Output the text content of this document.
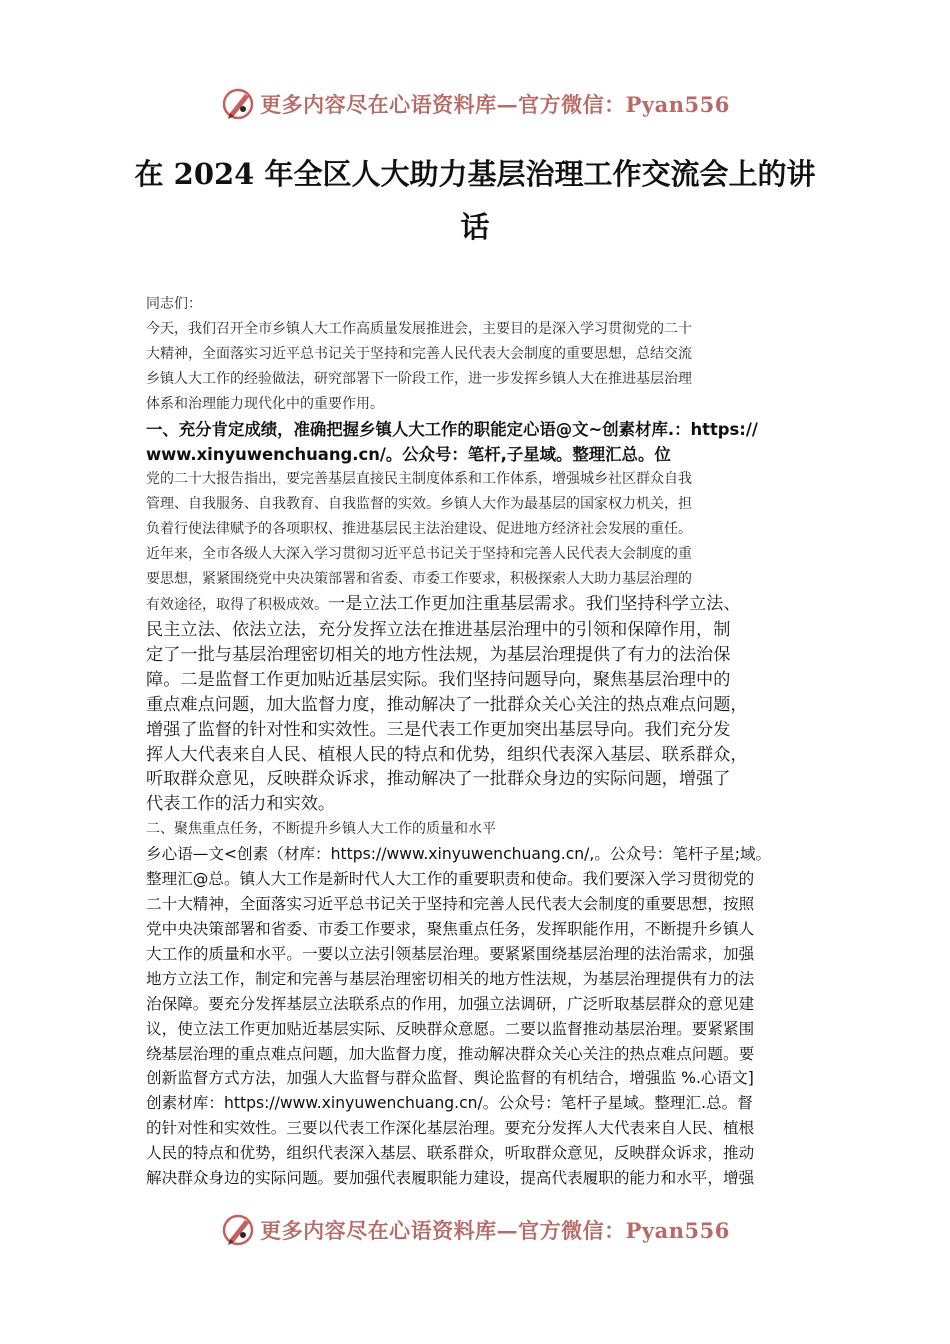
更多内容尽在心语资料库—官方微信：Pyan556
在 2024 年全区人大助力基层治理工作交流会上的讲
话

同志们：

今天，我们召开全市乡镇人大工作高质量发展推进会，主要目的是深入学习贯彻党的二十
大精神，全面落实习近平总书记关于坚持和完善人民代表大会制度的重要思想，总结交流
乡镇人大工作的经验做法，研究部署下一阶段工作，进一步发挥乡镇人大在推进基层治理
体系和治理能力现代化中的重要作用。

一、充分肯定成绩，准确把握乡镇人大工作的职能定心语@文~创素材库.：https://
www.xinyuwenchuang.cn/。公众号：笔杆,子星域。整理汇总。位

党的二十大报告指出，要完善基层直接民主制度体系和工作体系，增强城乡社区群众自我
管理、自我服务、自我教育、自我监督的实效。乡镇人大作为最基层的国家权力机关，担
负着行使法律赋予的各项职权、推进基层民主法治建设、促进地方经济社会发展的重任。
近年来，全市各级人大深入学习贯彻习近平总书记关于坚持和完善人民代表大会制度的重
要思想，紧紧围绕党中央决策部署和省委、市委工作要求，积极探索人大助力基层治理的
有效途径，取得了积极成效。一是立法工作更加注重基层需求。我们坚持科学立法、

民主立法、依法立法，充分发挥立法在推进基层治理中的引领和保障作用，制
定了一批与基层治理密切相关的地方性法规，为基层治理提供了有力的法治保
障。二是监督工作更加贴近基层实际。我们坚持问题导向，聚焦基层治理中的
重点难点问题，加大监督力度，推动解决了一批群众关心关注的热点难点问题，
增强了监督的针对性和实效性。三是代表工作更加突出基层导向。我们充分发
挥人大代表来自人民、植根人民的特点和优势，组织代表深入基层、联系群众，
听取群众意见，反映群众诉求，推动解决了一批群众身边的实际问题，增强了
代表工作的活力和实效。

二、聚焦重点任务，不断提升乡镇人大工作的质量和水平

乡心语—文<创素（材库：https://www.xinyuwenchuang.cn/,。公众号：笔杆子星;域。
整理汇@总。镇人大工作是新时代人大工作的重要职责和使命。我们要深入学习贯彻党的
二十大精神，全面落实习近平总书记关于坚持和完善人民代表大会制度的重要思想，按照
党中央决策部署和省委、市委工作要求，聚焦重点任务，发挥职能作用，不断提升乡镇人
大工作的质量和水平。一要以立法引领基层治理。要紧紧围绕基层治理的法治需求，加强
地方立法工作，制定和完善与基层治理密切相关的地方性法规，为基层治理提供有力的法
治保障。要充分发挥基层立法联系点的作用，加强立法调研，广泛听取基层群众的意见建
议，使立法工作更加贴近基层实际、反映群众意愿。二要以监督推动基层治理。要紧紧围
绕基层治理的重点难点问题，加大监督力度，推动解决群众关心关注的热点难点问题。要
创新监督方式方法，加强人大监督与群众监督、舆论监督的有机结合，增强监 %.心语文]
创素材库：https://www.xinyuwenchuang.cn/。公众号：笔杆子星域。整理汇.总。督
的针对性和实效性。三要以代表工作深化基层治理。要充分发挥人大代表来自人民、植根
人民的特点和优势，组织代表深入基层、联系群众，听取群众意见，反映群众诉求，推动
解决群众身边的实际问题。要加强代表履职能力建设，提高代表履职的能力和水平，增强

更多内容尽在心语资料库—官方微信：Pyan556
